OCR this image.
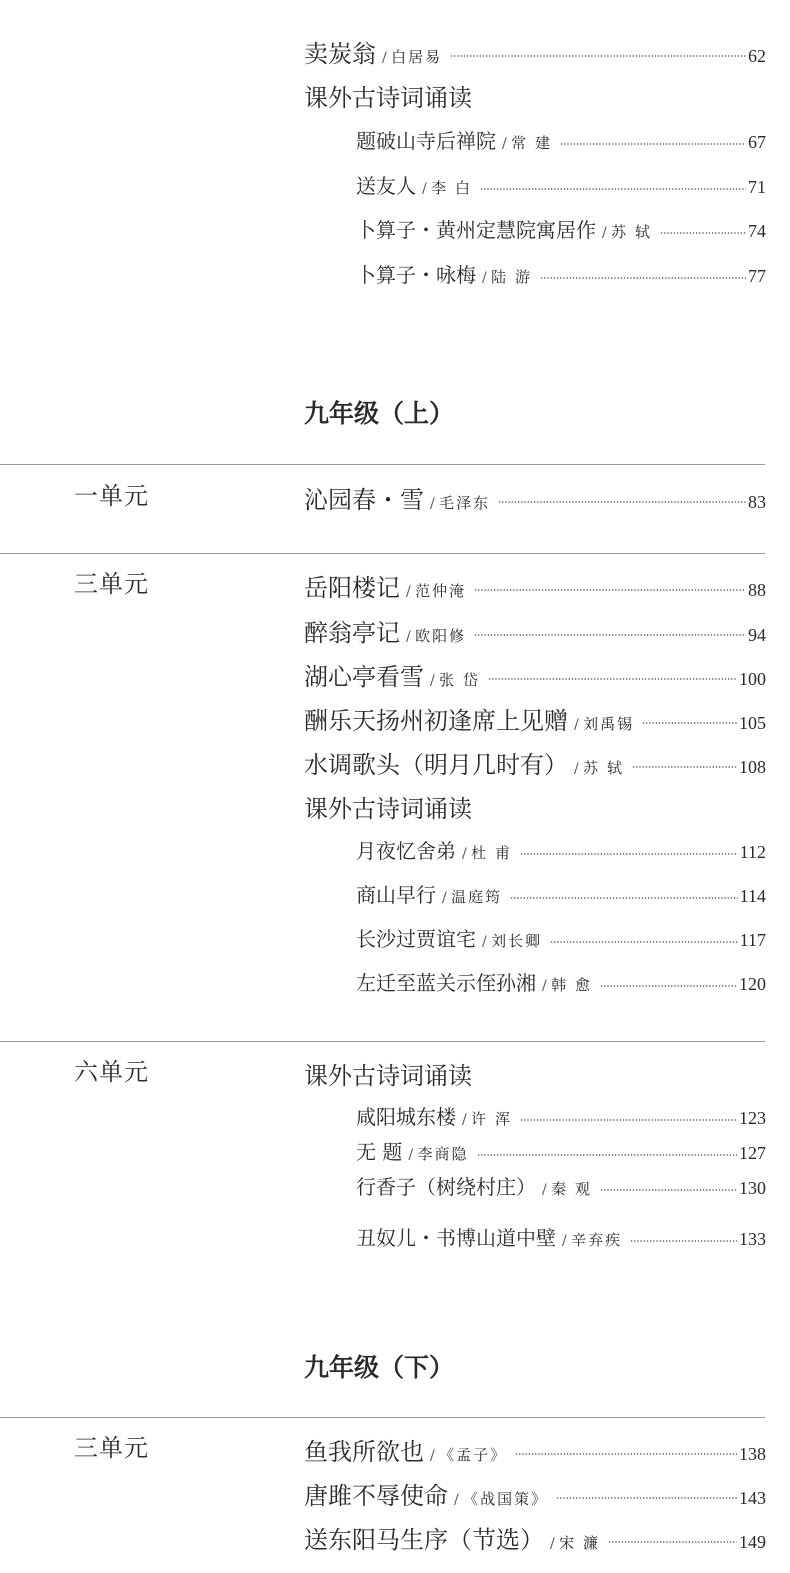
卖炭翁	/ 白居易	62
课外古诗词诵读
题破山寺后禅院	/ 常 建	67
送友人	/ 李 白	71
卜算子・黄州定慧院寓居作	/ 苏 轼	74
卜算子・咏梅	/ 陆 游	77
九年级（上）
一单元	沁园春・雪	/ 毛泽东	83
三单元	岳阳楼记	/ 范仲淹	88
醉翁亭记	/ 欧阳修	94
湖心亭看雪	/ 张 岱	100
酬乐天扬州初逢席上见赠	/ 刘禹锡	105
水调歌头（明月几时有）	/ 苏 轼	108
课外古诗词诵读
月夜忆舍弟	/ 杜 甫	112
商山早行	/ 温庭筠	114
长沙过贾谊宅	/ 刘长卿	117
左迁至蓝关示侄孙湘	/ 韩 愈	120
六单元	课外古诗词诵读
咸阳城东楼	/ 许 浑	123
无 题	/ 李商隐	127
行香子（树绕村庄）	/ 秦 观	130
丑奴儿・书博山道中壁	/ 辛弃疾	133
九年级（下）
三单元	鱼我所欲也	/ 《孟子》	138
唐雎不辱使命	/ 《战国策》	143
送东阳马生序（节选）	/ 宋 濂	149
